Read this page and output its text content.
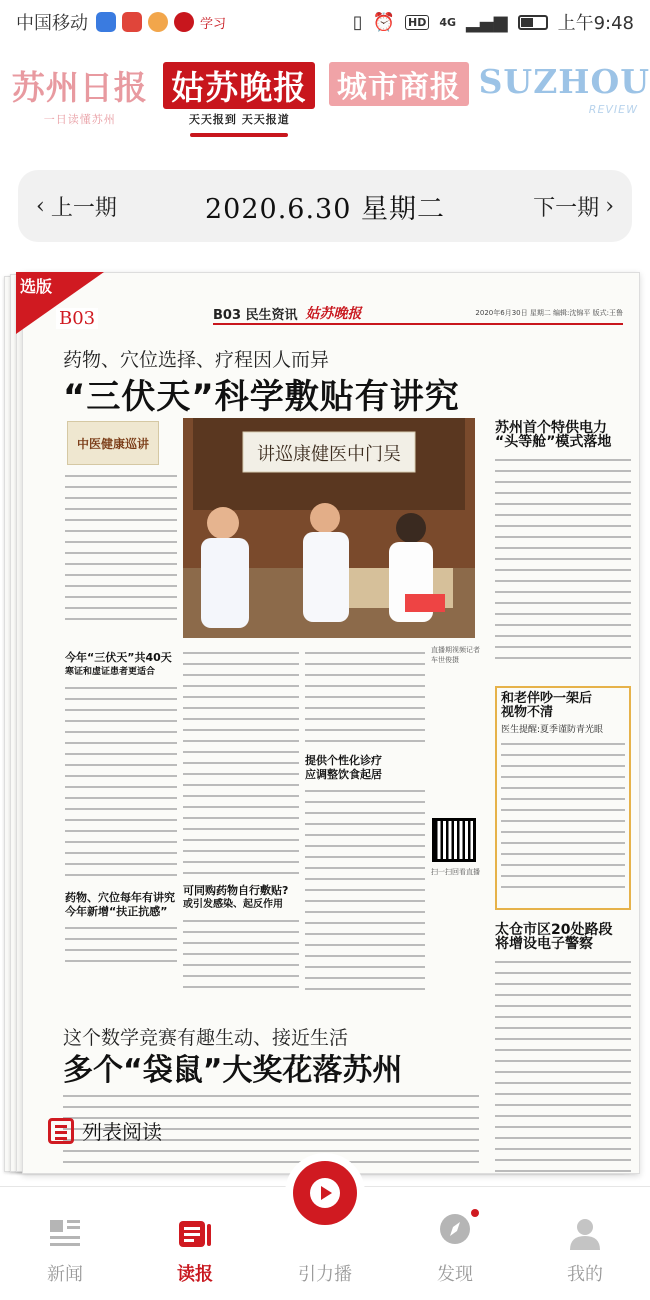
中国移动	学习	▯ ⏰ HD 4G ▂▄▆	上午9:48
苏州日报
一日读懂苏州
姑苏晚报
天天报到 天天报道
城市商报 SUZHOU
REVIEW
‹ 上一期	2020.6.30 星期二	下一期 ›
选版
B03	B03 民生资讯 姑苏晚报	2020年6月30日 星期二 编辑:沈锦平 版式:王鲁
药物、穴位选择、疗程因人而异
“三伏天”科学敷贴有讲究
中医健康巡讲
讲巡康健医中门吴
今年“三伏天”共40天
寒证和虚证患者更适合
药物、穴位每年有讲究
今年新增“扶正抗感”
可同购药物自行敷贴?
或引发感染、起反作用
提供个性化诊疗
应调整饮食起居
直播期视频记者 车世俊摄
扫一扫回看直播
苏州首个特供电力
“头等舱”模式落地
和老伴吵一架后
视物不清
医生提醒:夏季谨防青光眼
太仓市区20处路段
将增设电子警察
这个数学竞赛有趣生动、接近生活
多个“袋鼠”大奖花落苏州
列表阅读
新闻	读报	引力播	发现	我的
